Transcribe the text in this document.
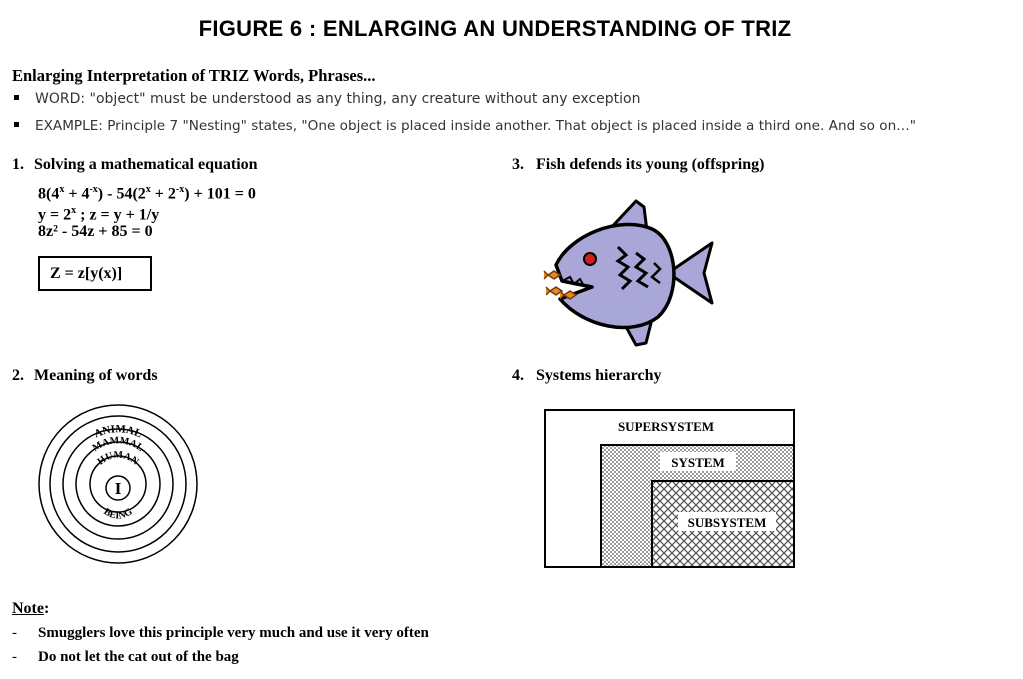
FIGURE 6 : ENLARGING AN UNDERSTANDING OF TRIZ
Enlarging Interpretation of TRIZ Words, Phrases...
WORD: "object" must be understood as any thing, any creature without any exception
EXAMPLE: Principle 7 "Nesting" states, "One object is placed inside another. That object is placed inside a third one. And so on…"
1. Solving a mathematical equation
$8(4^x + 4^{-x}) - 54(2^x + 2^{-x}) + 101 = 0$
$y = 2^x$ ; z = y + 1/y
8z² - 54z + 85 = 0
Z = z[y(x)]
3. Fish defends its young (offspring)
2. Meaning of words
ANIMAL
MAMMAL
HUMAN
I
BEING
4. Systems hierarchy
SUPERSYSTEM
SYSTEM
SUBSYSTEM
Note:
- Smugglers love this principle very much and use it very often
- Do not let the cat out of the bag
